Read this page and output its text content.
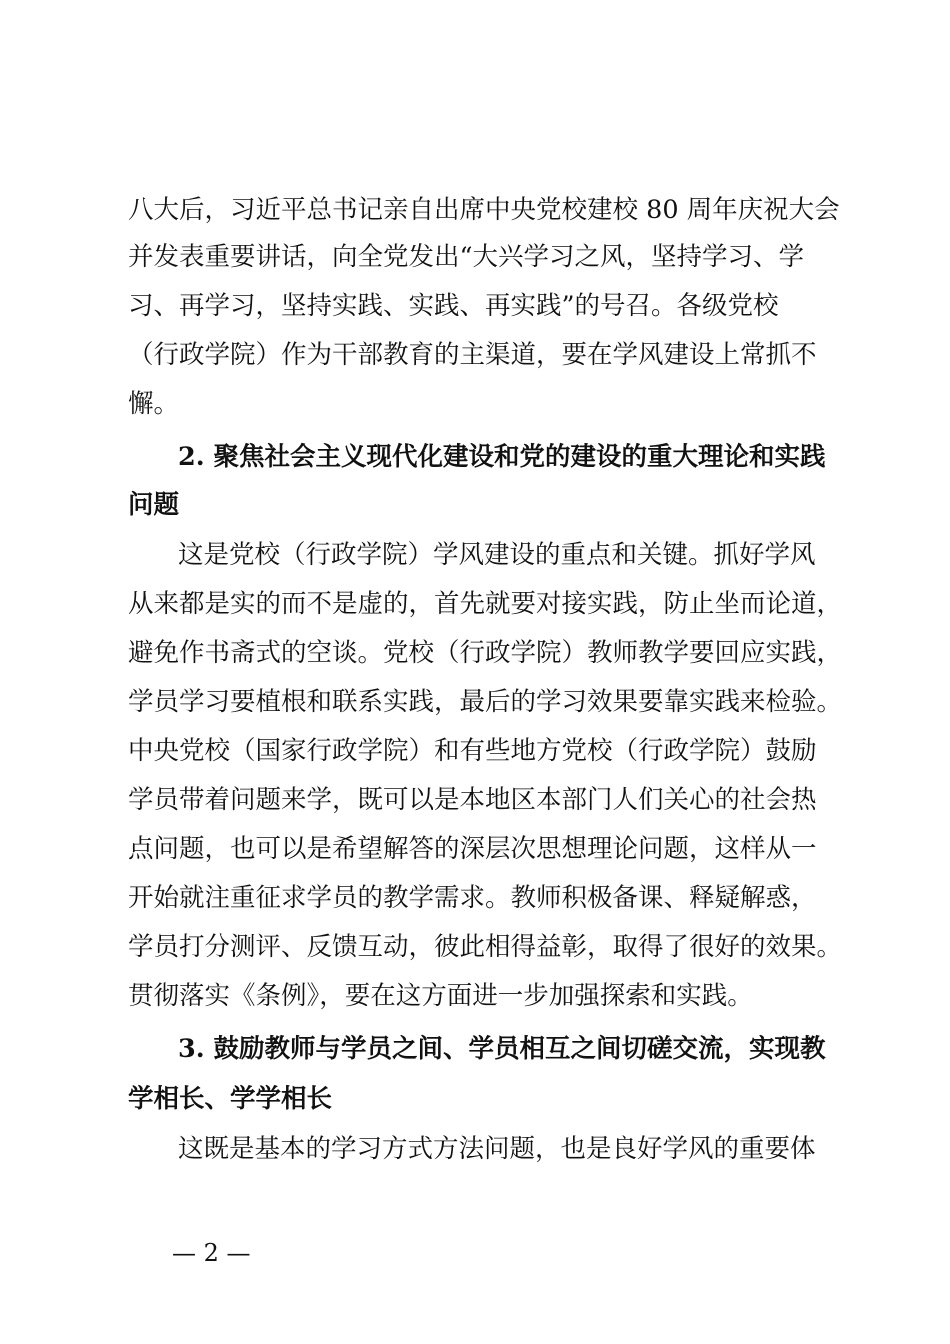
八大后，习近平总书记亲自出席中央党校建校 80 周年庆祝大会
并发表重要讲话，向全党发出“大兴学习之风，坚持学习、学
习、再学习，坚持实践、实践、再实践”的号召。各级党校
（行政学院）作为干部教育的主渠道，要在学风建设上常抓不
懈。
2. 聚焦社会主义现代化建设和党的建设的重大理论和实践
问题
这是党校（行政学院）学风建设的重点和关键。抓好学风
从来都是实的而不是虚的，首先就要对接实践，防止坐而论道，
避免作书斋式的空谈。党校（行政学院）教师教学要回应实践，
学员学习要植根和联系实践，最后的学习效果要靠实践来检验。
中央党校（国家行政学院）和有些地方党校（行政学院）鼓励
学员带着问题来学，既可以是本地区本部门人们关心的社会热
点问题，也可以是希望解答的深层次思想理论问题，这样从一
开始就注重征求学员的教学需求。教师积极备课、释疑解惑，
学员打分测评、反馈互动，彼此相得益彰，取得了很好的效果。
贯彻落实《条例》，要在这方面进一步加强探索和实践。
3. 鼓励教师与学员之间、学员相互之间切磋交流，实现教
学相长、学学相长
这既是基本的学习方式方法问题，也是良好学风的重要体
— 2 —
